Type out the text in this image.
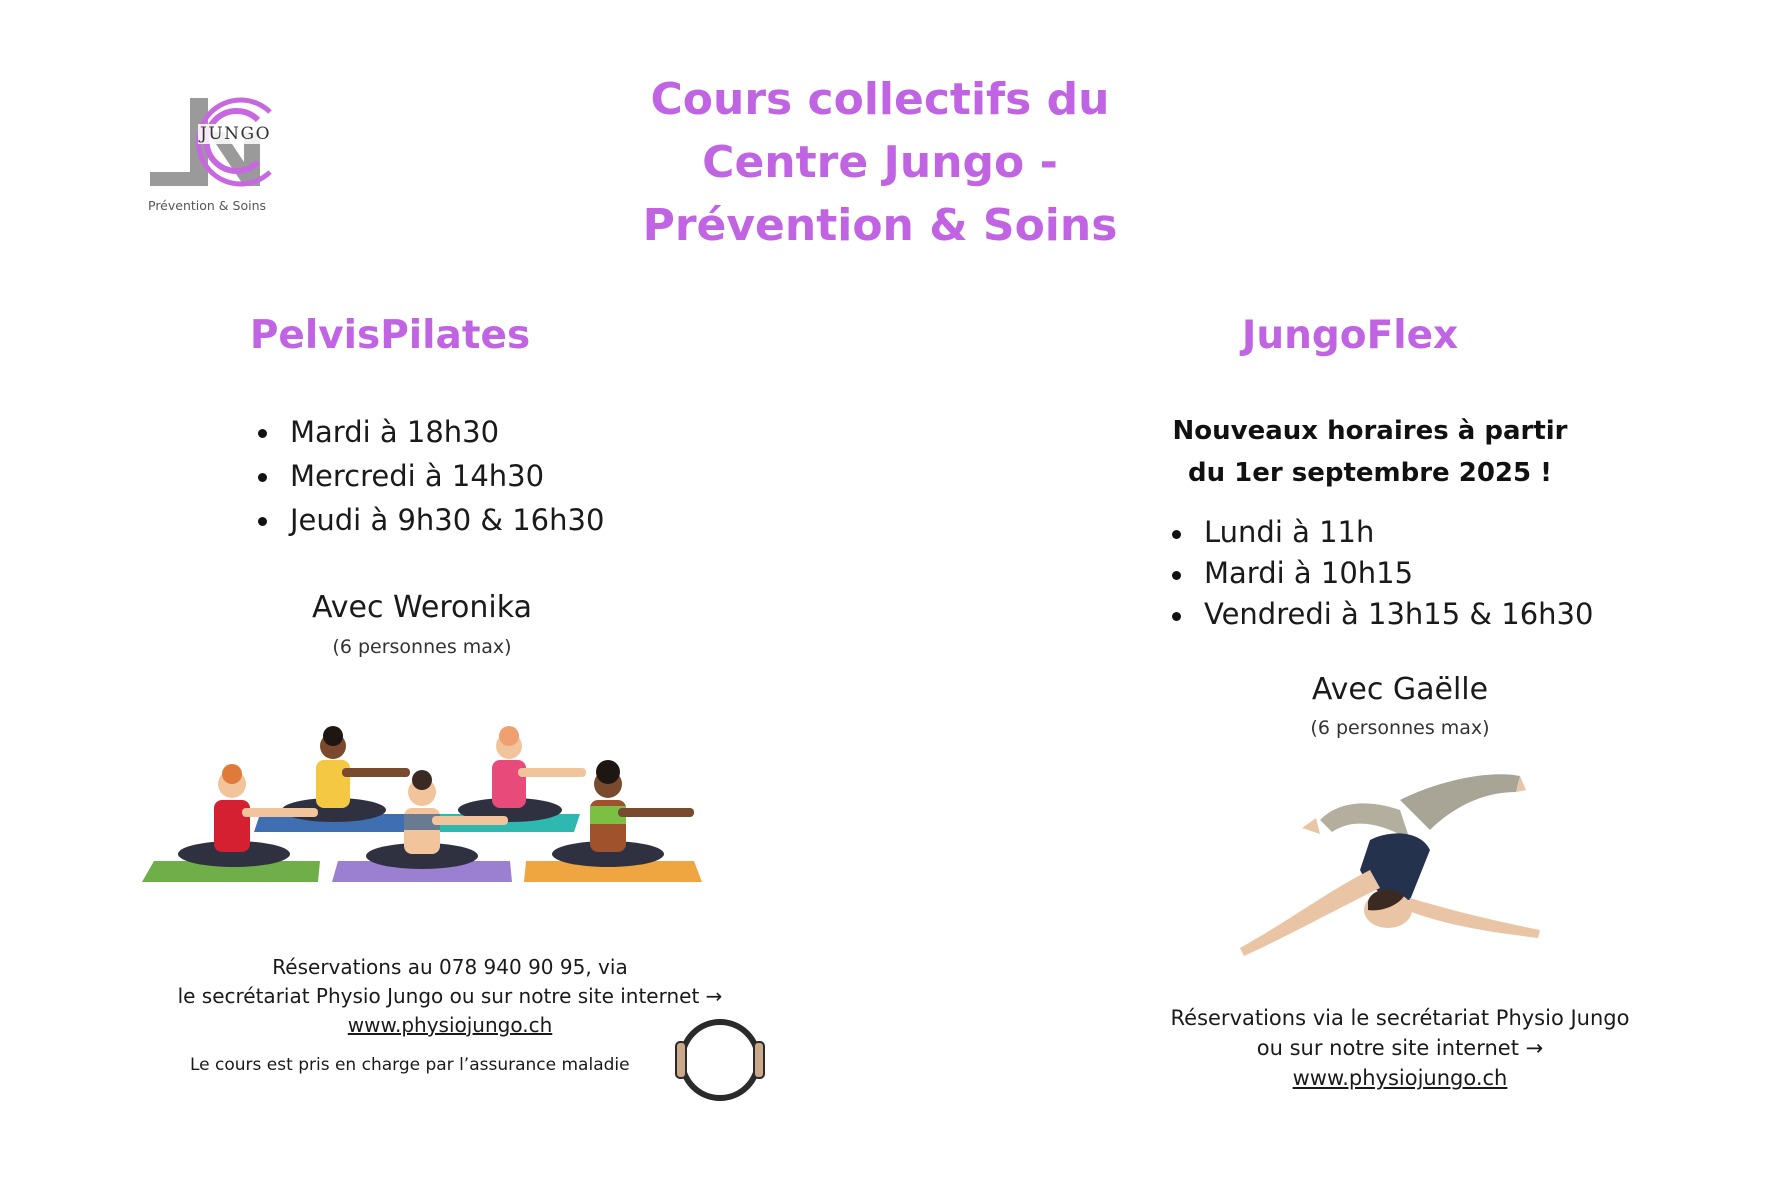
JUNGO
Prévention & Soins
Cours collectifs du
Centre Jungo -
Prévention & Soins
PelvisPilates
Mardi à 18h30
Mercredi à 14h30
Jeudi à 9h30 & 16h30
Avec Weronika
(6 personnes max)
Réservations au 078 940 90 95, via
le secrétariat Physio Jungo ou sur notre site internet →
www.physiojungo.ch
Le cours est pris en charge par l’assurance maladie
JungoFlex
Nouveaux horaires à partir
du 1er septembre 2025 !
Lundi à 11h
Mardi à 10h15
Vendredi à 13h15 & 16h30
Avec Gaëlle
(6 personnes max)
Réservations via le secrétariat Physio Jungo
ou sur notre site internet →
www.physiojungo.ch
